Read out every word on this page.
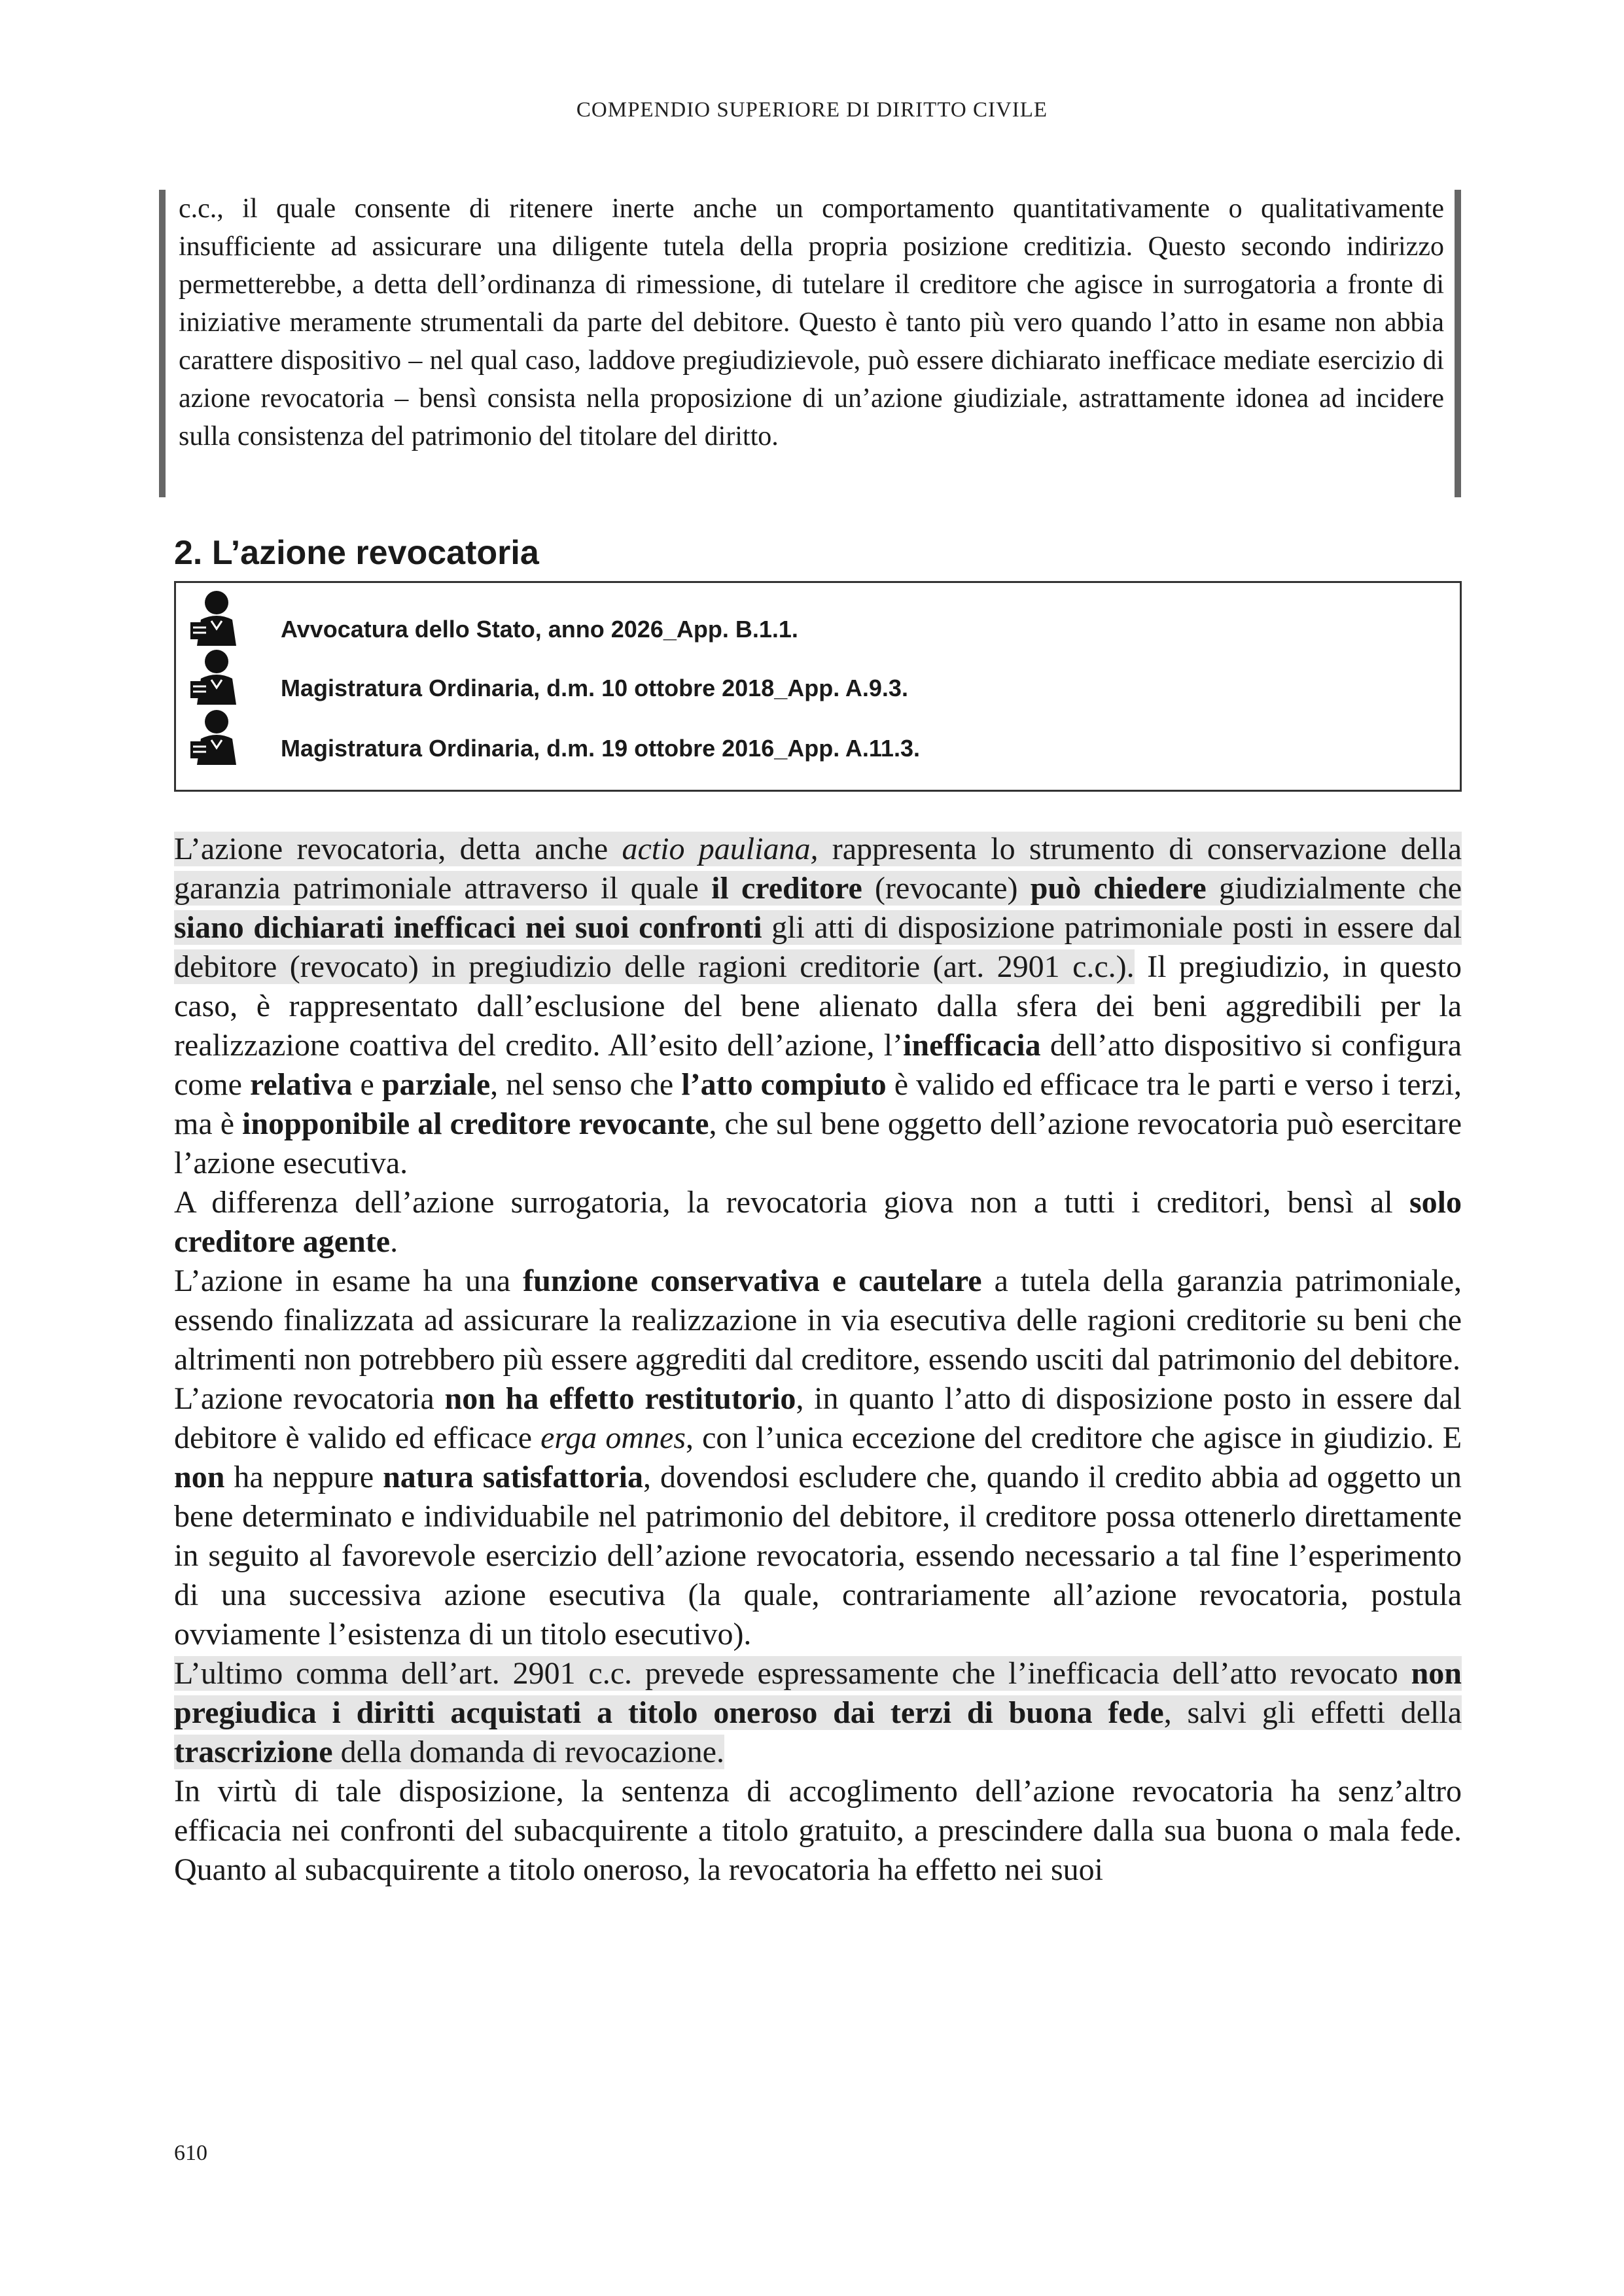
COMPENDIO SUPERIORE DI DIRITTO CIVILE

c.c., il quale consente di ritenere inerte anche un comportamento quantitativamente o qualitativamente insufficiente ad assicurare una diligente tutela della propria posizione creditizia. Questo secondo indirizzo permetterebbe, a detta dell’ordinanza di rimessione, di tutelare il creditore che agisce in surrogatoria a fronte di iniziative meramente strumentali da parte del debitore. Questo è tanto più vero quando l’atto in esame non abbia carattere dispositivo – nel qual caso, laddove pregiudizievole, può essere dichiarato inefficace mediate esercizio di azione revocatoria – bensì consista nella proposizione di un’azione giudiziale, astrattamente idonea ad incidere sulla consistenza del patrimonio del titolare del diritto.

2. L’azione revocatoria
Avvocatura dello Stato, anno 2026_App. B.1.1.
Magistratura Ordinaria, d.m. 10 ottobre 2018_App. A.9.3.
Magistratura Ordinaria, d.m. 19 ottobre 2016_App. A.11.3.

L’azione revocatoria, detta anche actio pauliana, rappresenta lo strumento di conservazione della garanzia patrimoniale attraverso il quale il creditore (revocante) può chiedere giudizialmente che siano dichiarati inefficaci nei suoi confronti gli atti di disposizione patrimoniale posti in essere dal debitore (revocato) in pregiudizio delle ragioni creditorie (art. 2901 c.c.). Il pregiudizio, in questo caso, è rappresentato dall’esclusione del bene alienato dalla sfera dei beni aggredibili per la realizzazione coattiva del credito. All’esito dell’azione, l’inefficacia dell’atto dispositivo si configura come relativa e parziale, nel senso che l’atto compiuto è valido ed efficace tra le parti e verso i terzi, ma è inopponibile al creditore revocante, che sul bene oggetto dell’azione revocatoria può esercitare l’azione esecutiva.

A differenza dell’azione surrogatoria, la revocatoria giova non a tutti i creditori, bensì al solo creditore agente.

L’azione in esame ha una funzione conservativa e cautelare a tutela della garanzia patrimoniale, essendo finalizzata ad assicurare la realizzazione in via esecutiva delle ragioni creditorie su beni che altrimenti non potrebbero più essere aggrediti dal creditore, essendo usciti dal patrimonio del debitore.

L’azione revocatoria non ha effetto restitutorio, in quanto l’atto di disposizione posto in essere dal debitore è valido ed efficace erga omnes, con l’unica eccezione del creditore che agisce in giudizio. E non ha neppure natura satisfattoria, dovendosi escludere che, quando il credito abbia ad oggetto un bene determinato e individuabile nel patrimonio del debitore, il creditore possa ottenerlo direttamente in seguito al favorevole esercizio dell’azione revocatoria, essendo necessario a tal fine l’esperimento di una successiva azione esecutiva (la quale, contrariamente all’azione revocatoria, postula ovviamente l’esistenza di un titolo esecutivo).

L’ultimo comma dell’art. 2901 c.c. prevede espressamente che l’inefficacia dell’atto revocato non pregiudica i diritti acquistati a titolo oneroso dai terzi di buona fede, salvi gli effetti della trascrizione della domanda di revocazione.

In virtù di tale disposizione, la sentenza di accoglimento dell’azione revocatoria ha senz’altro efficacia nei confronti del subacquirente a titolo gratuito, a prescindere dalla sua buona o mala fede. Quanto al subacquirente a titolo oneroso, la revocatoria ha effetto nei suoi

610
